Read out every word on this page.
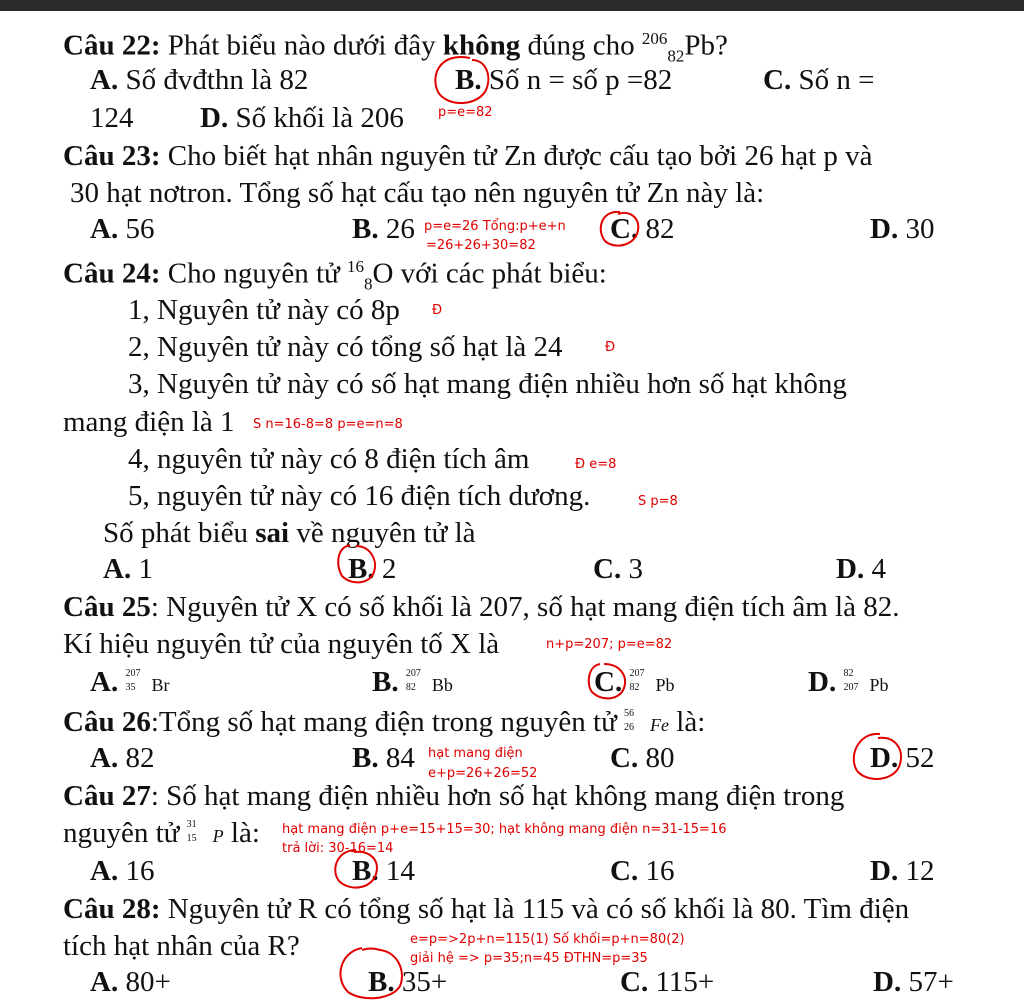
Câu 22: Phát biểu nào dưới đây không đúng cho $^{206}_{82}$Pb?
A. Số đvđthn là 82	B. Số n = số p =82	C. Số n =
124 D. Số khối là 206	p=e=82
Câu 23: Cho biết hạt nhân nguyên tử Zn được cấu tạo bởi 26 hạt p và
30 hạt nơtron. Tổng số hạt cấu tạo nên nguyên tử Zn này là:
A. 56	B. 26 p=e=26 Tổng:p+e+n
=26+26+30=82
C. 82	D. 30
Câu 24: Cho nguyên tử $^{16}_8$O với các phát biểu:
1, Nguyên tử này có 8p Đ
2, Nguyên tử này có tổng số hạt là 24	Đ
3, Nguyên tử này có số hạt mang điện nhiều hơn số hạt không
mang điện là 1 S n=16-8=8 p=e=n=8
4, nguyên tử này có 8 điện tích âm	Đ e=8
5, nguyên tử này có 16 điện tích dương.	S p=8
Số phát biểu sai về nguyên tử là
A. 1	B. 2	C. 3	D. 4
Câu 25: Nguyên tử X có số khối là 207, số hạt mang điện tích âm là 82.
Kí hiệu nguyên tử của nguyên tố X là	n+p=207; p=e=82
A. 207
35 Br	B. 207
82 Bb	C. 207
82 Pb	D. 82
207 Pb
Câu 26:Tổng số hạt mang điện trong nguyên tử 56
26 Fe là:
A. 82	B. 84 hạt mang điện
e+p=26+26=52	C. 80	D. 52
Câu 27: Số hạt mang điện nhiều hơn số hạt không mang điện trong
nguyên tử 31
15 P là: hạt mang điện p+e=15+15=30; hạt không mang điện n=31-15=16
trả lời: 30-16=14
A. 16	B. 14	C. 16	D. 12
Câu 28: Nguyên tử R có tổng số hạt là 115 và có số khối là 80. Tìm điện
tích hạt nhân của R?	e=p=>2p+n=115(1) Số khối=p+n=80(2)
giải hệ => p=35;n=45 ĐTHN=p=35
A. 80+	B. 35+	C. 115+	D. 57+
